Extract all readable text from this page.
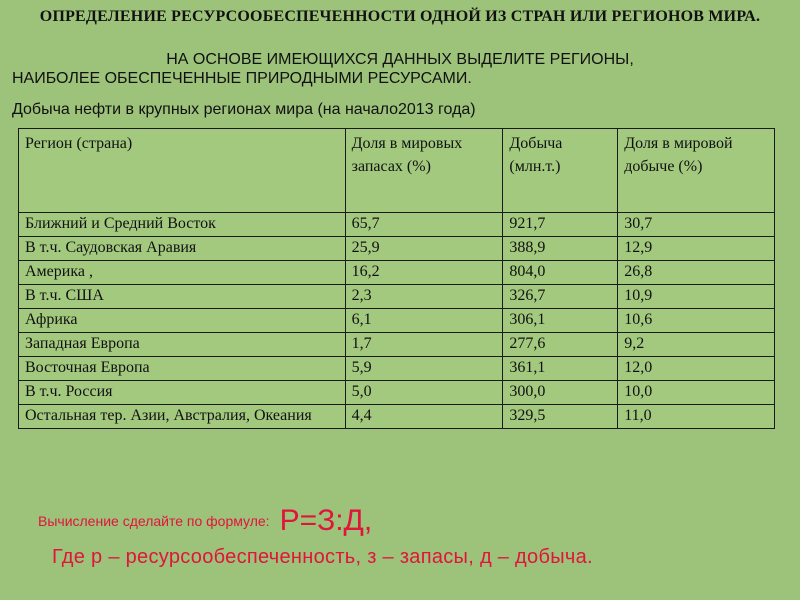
ОПРЕДЕЛЕНИЕ РЕСУРСООБЕСПЕЧЕННОСТИ ОДНОЙ ИЗ СТРАН ИЛИ РЕГИОНОВ МИРА.
НА ОСНОВЕ ИМЕЮЩИХСЯ ДАННЫХ ВЫДЕЛИТЕ РЕГИОНЫ,
НАИБОЛЕЕ ОБЕСПЕЧЕННЫЕ ПРИРОДНЫМИ РЕСУРСАМИ.
Добыча нефти в крупных регионах мира (на начало2013 года)
Регион (страна)	Доля в мировых запасах (%)	Добыча (млн.т.)	Доля в мировой добыче (%)
Ближний и Средний Восток	65,7	921,7	30,7
В т.ч. Саудовская Аравия	25,9	388,9	12,9
Америка ,	16,2	804,0	26,8
В т.ч. США	2,3	326,7	10,9
Африка	6,1	306,1	10,6
Западная Европа	1,7	277,6	9,2
Восточная Европа	5,9	361,1	12,0
В т.ч. Россия	5,0	300,0	10,0
Остальная тер. Азии, Австралия, Океания	4,4	329,5	11,0
Вычисление сделайте по формуле: Р=З:Д,
Где р – ресурсообеспеченность, з – запасы, д – добыча.
